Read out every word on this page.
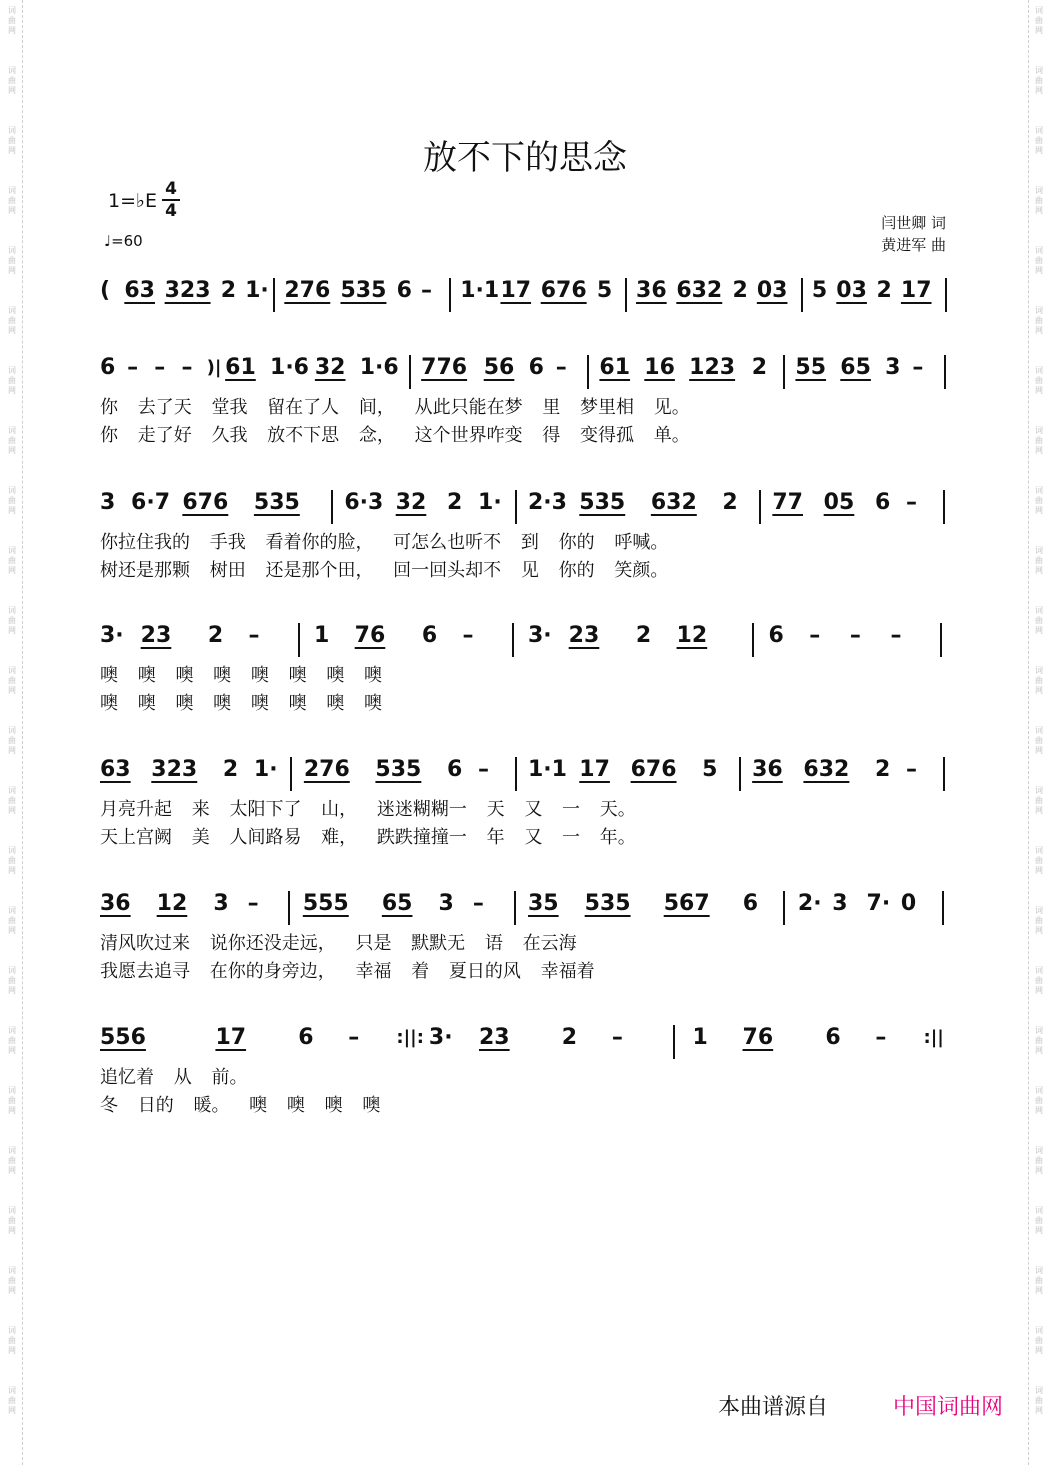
词曲网
词曲网
词曲网
词曲网
词曲网
词曲网
词曲网
词曲网
词曲网
词曲网
词曲网
词曲网
词曲网
词曲网
词曲网
词曲网
词曲网
词曲网
词曲网
词曲网
词曲网
词曲网
词曲网
词曲网
词曲网
词曲网
词曲网
词曲网
词曲网
词曲网
词曲网
词曲网
词曲网
词曲网
词曲网
词曲网
词曲网
词曲网
词曲网
词曲网
词曲网
词曲网
词曲网
词曲网
词曲网
词曲网
词曲网
词曲网
放不下的思念
1=♭E
4
4
♩=60
闫世卿 词
黄进军 曲
( 63 323 2 1· 276 535 6 – 1·1 17 676 5 36 632 2 03 5 03 2 17
6 – – – )| 61 1·6 32 1·6 776 56 6 – 61 16 123 2 55 65 3 –
你 去了天 堂我 留在了人 间， 从此只能在梦 里 梦里相 见。
你 走了好 久我 放不下思 念， 这个世界咋变 得 变得孤 单。
3 6·7 676 535 6·3 32 2 1· 2·3 535 632 2 77 05 6 –
你拉住我的 手我 看着你的脸， 可怎么也听不 到 你的 呼喊。
树还是那颗 树田 还是那个田， 回一回头却不 见 你的 笑颜。
3· 23 2 – 1 76 6 – 3· 23 2 12	6 – – –
噢 噢 噢 噢 噢 噢 噢 噢
噢 噢 噢 噢 噢 噢 噢 噢
63 323 2 1· 276 535 6 – 1·1 17 676 5 36 632 2 –
月亮升起 来 太阳下了 山， 迷迷糊糊一 天 又 一 天。
天上宫阙 美 人间路易 难， 跌跌撞撞一 年 又 一 年。
36 12 3 – 555 65 3 – 35 535 567 6 2· 3 7· 0
清风吹过来 说你还没走远， 只是 默默无 语 在云海
我愿去追寻 在你的身旁边， 幸福 着 夏日的风 幸福着
556	17 6 – :||: 3· 23 2 –	1 76 6 – :||
追忆着 从 前。
冬 日的 暖。 噢 噢 噢 噢
本曲谱源自	中国词曲网
